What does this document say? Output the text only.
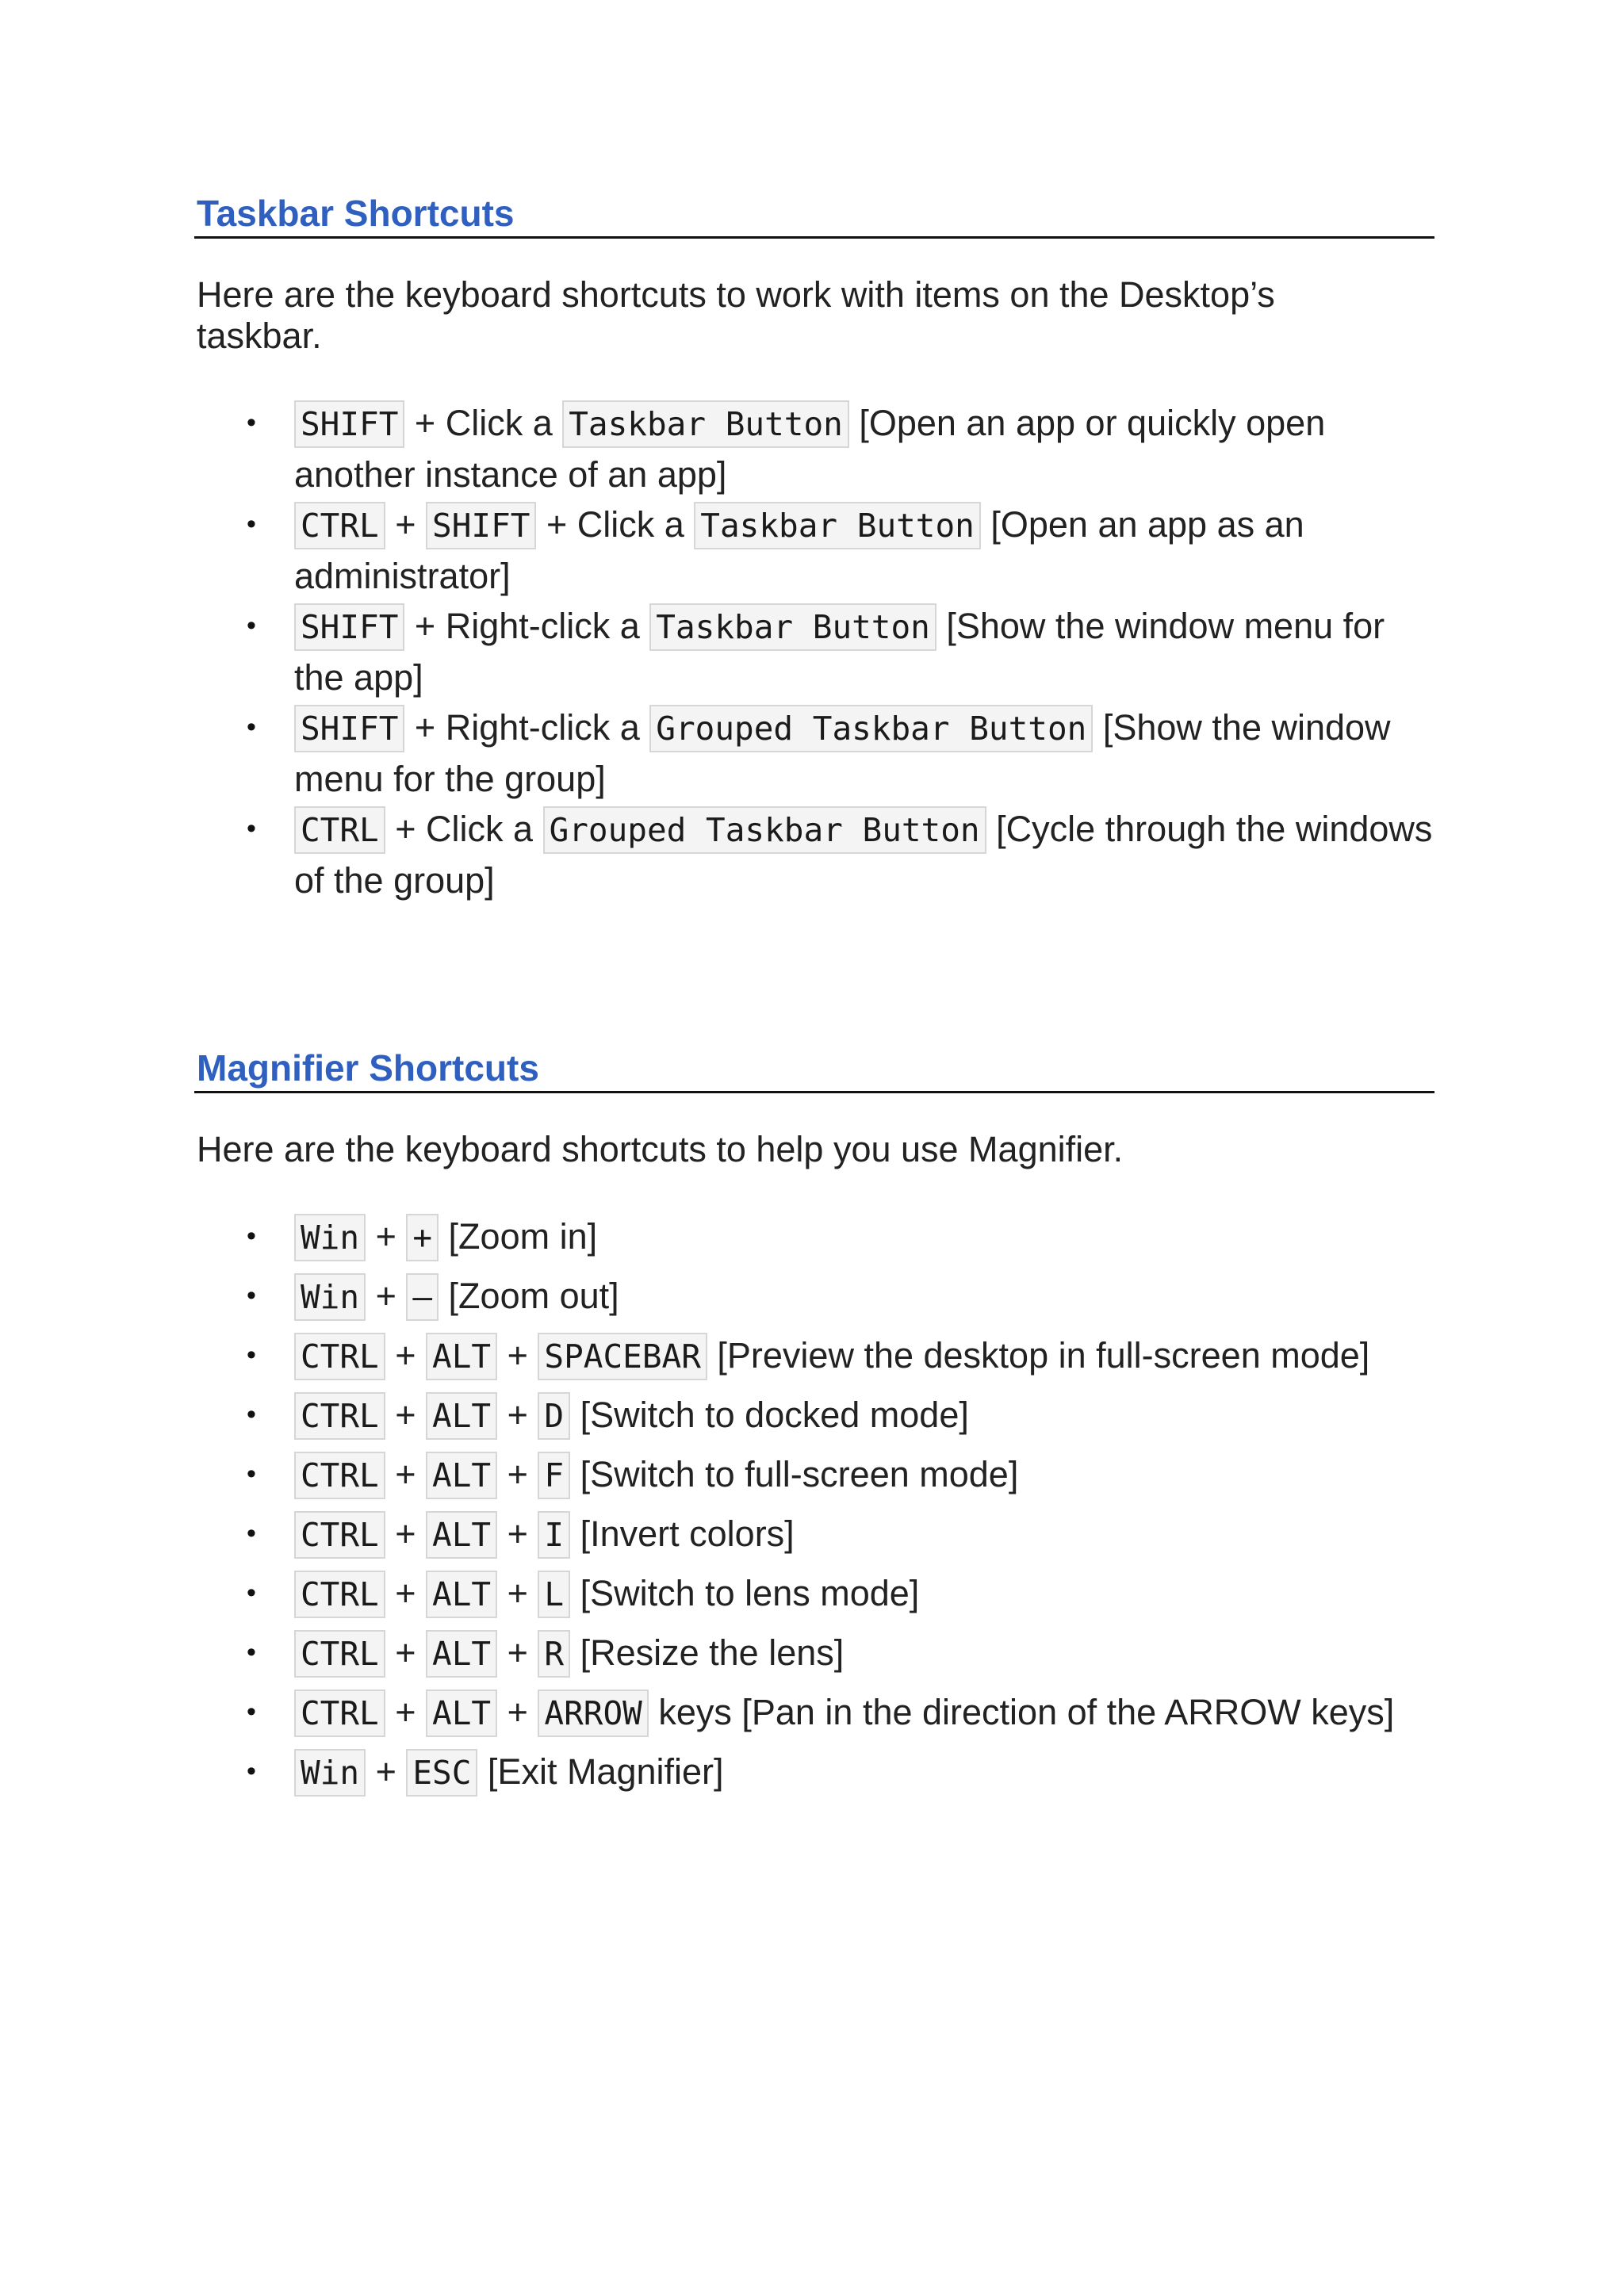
Taskbar Shortcuts

Here are the keyboard shortcuts to work with items on the Desktop’s taskbar.

• SHIFT + Click a Taskbar Button [Open an app or quickly open another instance of an app]
• CTRL + SHIFT + Click a Taskbar Button [Open an app as an administrator]
• SHIFT + Right-click a Taskbar Button [Show the window menu for the app]
• SHIFT + Right-click a Grouped Taskbar Button [Show the window menu for the group]
• CTRL + Click a Grouped Taskbar Button [Cycle through the windows of the group]
Magnifier Shortcuts

Here are the keyboard shortcuts to help you use Magnifier.

• Win + + [Zoom in]
• Win + – [Zoom out]
• CTRL + ALT + SPACEBAR [Preview the desktop in full-screen mode]
• CTRL + ALT + D [Switch to docked mode]
• CTRL + ALT + F [Switch to full-screen mode]
• CTRL + ALT + I [Invert colors]
• CTRL + ALT + L [Switch to lens mode]
• CTRL + ALT + R [Resize the lens]
• CTRL + ALT + ARROW keys [Pan in the direction of the ARROW keys]
• Win + ESC [Exit Magnifier]
